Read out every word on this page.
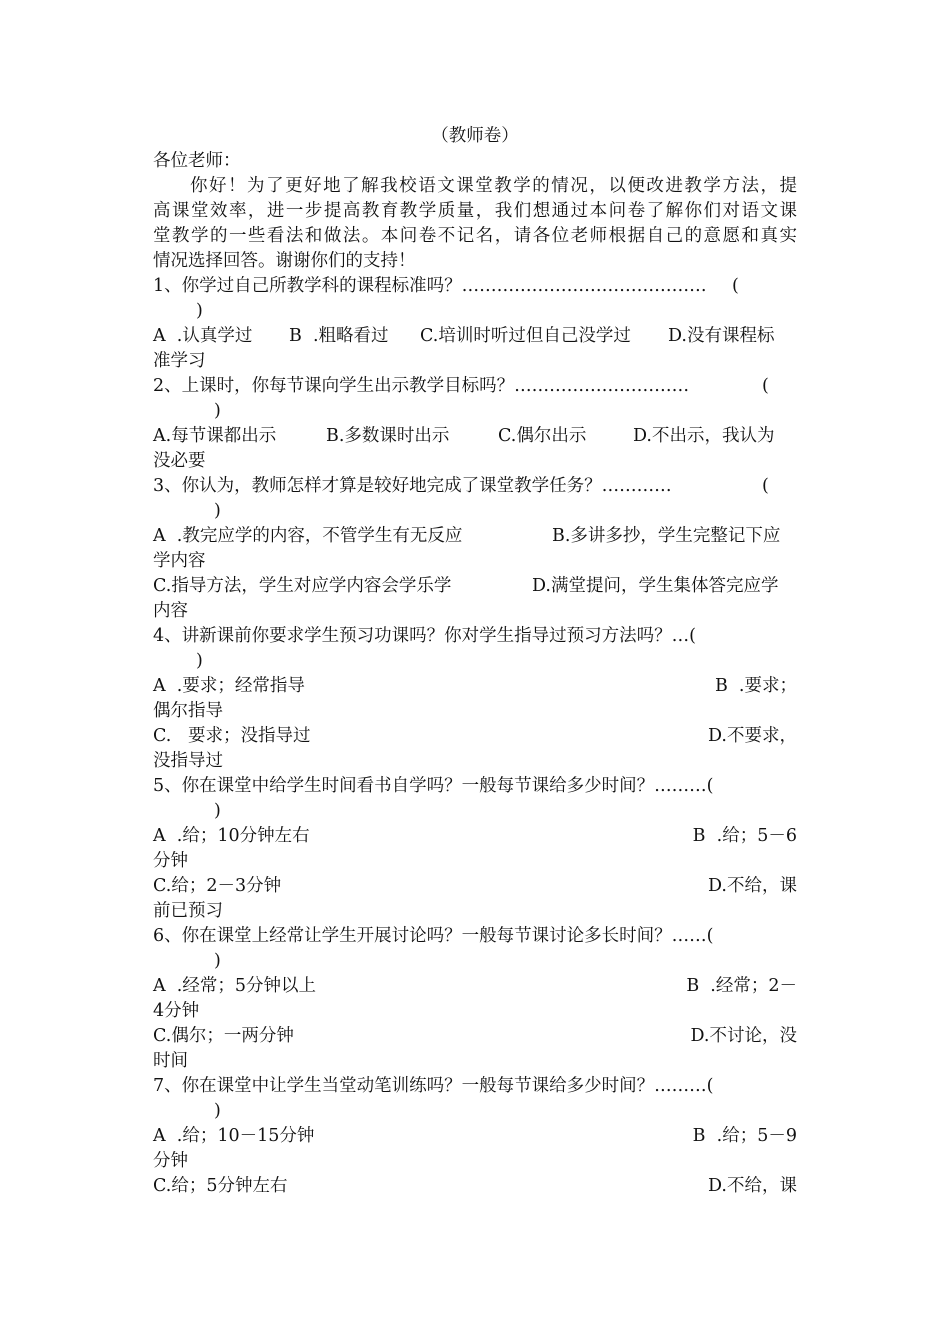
（教师卷）
各位老师：
你好！为了更好地了解我校语文课堂教学的情况，以便改进教学方法，提
高课堂效率，进一步提高教育教学质量，我们想通过本问卷了解你们对语文课
堂教学的一些看法和做法。本问卷不记名，请各位老师根据自己的意愿和真实
情况选择回答。谢谢你们的支持！
1、你学过自己所教学科的课程标准吗？…………………………………… (
)
A  .认真学过 B  .粗略看过 C.培训时听过但自己没学过 D.没有课程标
准学习
2、上课时，你每节课向学生出示教学目标吗？…………………………	(
)
A.每节课都出示	B.多数课时出示	C.偶尔出示	D.不出示，我认为
没必要
3、你认为，教师怎样才算是较好地完成了课堂教学任务？…………	(
)
A  .教完应学的内容，不管学生有无反应	B.多讲多抄，学生完整记下应
学内容
C.指导方法，学生对应学内容会学乐学	D.满堂提问，学生集体答完应学
内容
4、讲新课前你要求学生预习功课吗？你对学生指导过预习方法吗？…(
)
A  .要求；经常指导	B  .要求；
偶尔指导
C.   要求；没指导过	D.不要求，
没指导过
5、你在课堂中给学生时间看书自学吗？一般每节课给多少时间？………(
)
A  .给；10分钟左右	B  .给；5－6
分钟
C.给；2－3分钟	D.不给，课
前已预习
6、你在课堂上经常让学生开展讨论吗？一般每节课讨论多长时间？……(
)
A  .经常；5分钟以上	B  .经常；2－
4分钟
C.偶尔；一两分钟	D.不讨论，没
时间
7、你在课堂中让学生当堂动笔训练吗？一般每节课给多少时间？………(
)
A  .给；10－15分钟	B  .给；5－9
分钟
C.给；5分钟左右	D.不给，课
